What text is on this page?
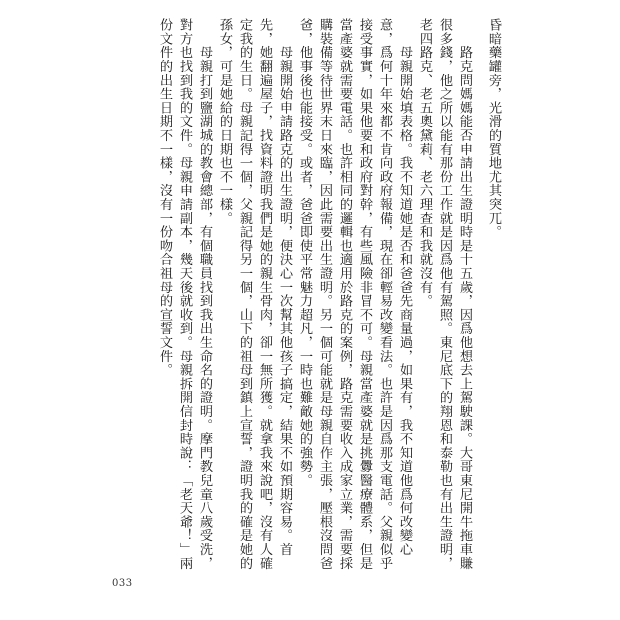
昏暗藥罐旁，光滑的質地尤其突兀。
　　路克問媽媽能否申請出生證明時是十五歲，因爲他想去上駕駛課。大哥東尼開牛拖車賺
很多錢，他之所以能有那份工作就是因爲他有駕照。東尼底下的翔恩和泰勒也有出生證明，
老四路克、老五奧黛莉、老六理查和我就沒有。
　　母親開始填表格。我不知道她是否和爸爸先商量過，如果有，我不知道他爲何改變心
意，爲何十年來都不肯向政府報備，現在卻輕易改變看法。也許是因爲那支電話。父親似乎
接受事實，如果他要和政府對幹，有些風險非冒不可。母親當產婆就是挑釁醫療體系，但是
當產婆就需要電話。也許相同的邏輯也適用於路克的案例，路克需要收入成家立業，需要採
購裝備等待世界末日來臨，因此需要出生證明。另一個可能就是母親自作主張，壓根沒問爸
爸，他事後也能接受。或者，爸爸即使平常魅力超凡，一時也難敵她的強勢。
　　母親開始申請路克的出生證明，便決心一次幫其他孩子搞定，結果不如預期容易。首
先，她翻遍屋子，找資料證明我們是她的親生骨肉，卻一無所獲。就拿我來說吧，沒有人確
定我的生日。母親記得一個，父親記得另一個，山下的祖母到鎮上宣誓，證明我的確是她的
孫女，可是她給的日期也不一樣。
　　母親打到鹽湖城的教會總部，有個職員找到我出生命名的證明。摩門教兒童八歲受洗，
對方也找到我的文件。母親申請副本，幾天後就收到。母親拆開信封時說：「老天爺！」兩
份文件的出生日期不一樣，沒有一份吻合祖母的宣誓文件。
033
